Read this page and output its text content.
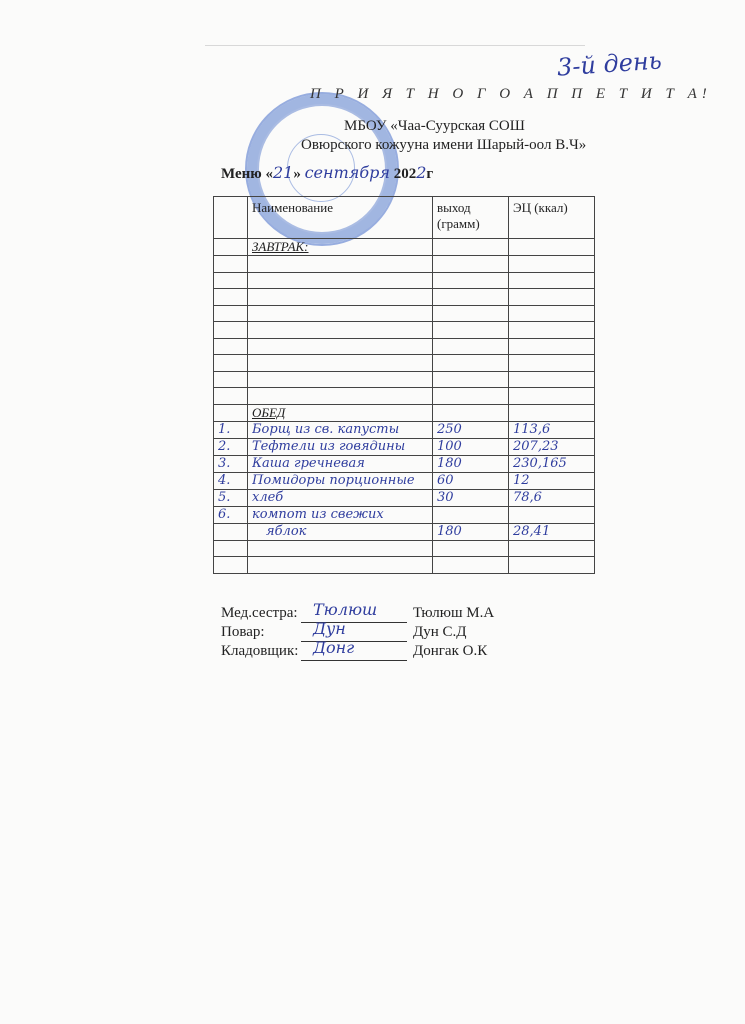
3-й день
П Р И Я Т Н О Г О А П П Е Т И Т А!
МБОУ «Чаа-Суурская СОШ
Овюрского кожууна имени Шарый-оол В.Ч»
Меню «21» сентября 2022г
	Наименование	выход (грамм)	ЭЦ (ккал)
	ЗАВТРАК:		

	ОБЕД		

1.	Борщ из св. капусты	250	113,6

2.	Тефтели из говядины	100	207,23

3.	Каша гречневая	180	230,165

4.	Помидоры порционные	60	12

5.	хлеб	30	78,6

6.	компот из свежих		

	яблок	180	28,41

Мед.сестра: Тюлюш Тюлюш М.А
Повар:	Дун	Дун С.Д
Кладовщик: Донг	Донгак О.К
